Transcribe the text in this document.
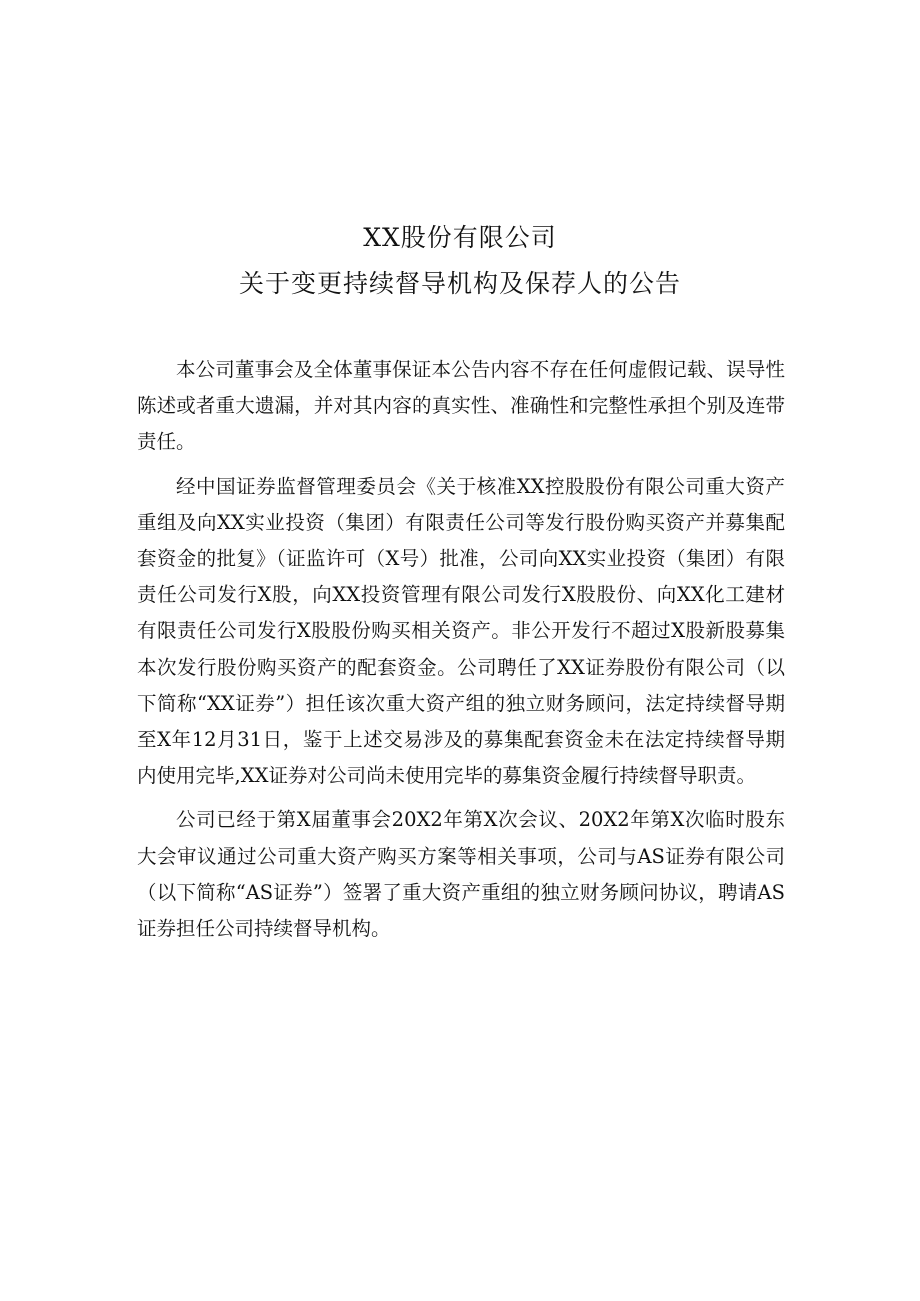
XX股份有限公司
关于变更持续督导机构及保荐人的公告

本公司董事会及全体董事保证本公告内容不存在任何虚假记载、误导性陈述或者重大遗漏，并对其内容的真实性、准确性和完整性承担个别及连带责任。

经中国证券监督管理委员会《关于核准XX控股股份有限公司重大资产重组及向XX实业投资（集团）有限责任公司等发行股份购买资产并募集配套资金的批复》（证监许可（X号）批准，公司向XX实业投资（集团）有限责任公司发行X股，向XX投资管理有限公司发行X股股份、向XX化工建材有限责任公司发行X股股份购买相关资产。非公开发行不超过X股新股募集本次发行股份购买资产的配套资金。公司聘任了XX证券股份有限公司（以下简称“XX证券”）担任该次重大资产组的独立财务顾问，法定持续督导期至X年12月31日，鉴于上述交易涉及的募集配套资金未在法定持续督导期内使用完毕,XX证券对公司尚未使用完毕的募集资金履行持续督导职责。

公司已经于第X届董事会20X2年第X次会议、20X2年第X次临时股东大会审议通过公司重大资产购买方案等相关事项，公司与AS证券有限公司（以下简称“AS证券”）签署了重大资产重组的独立财务顾问协议，聘请AS证券担任公司持续督导机构。
